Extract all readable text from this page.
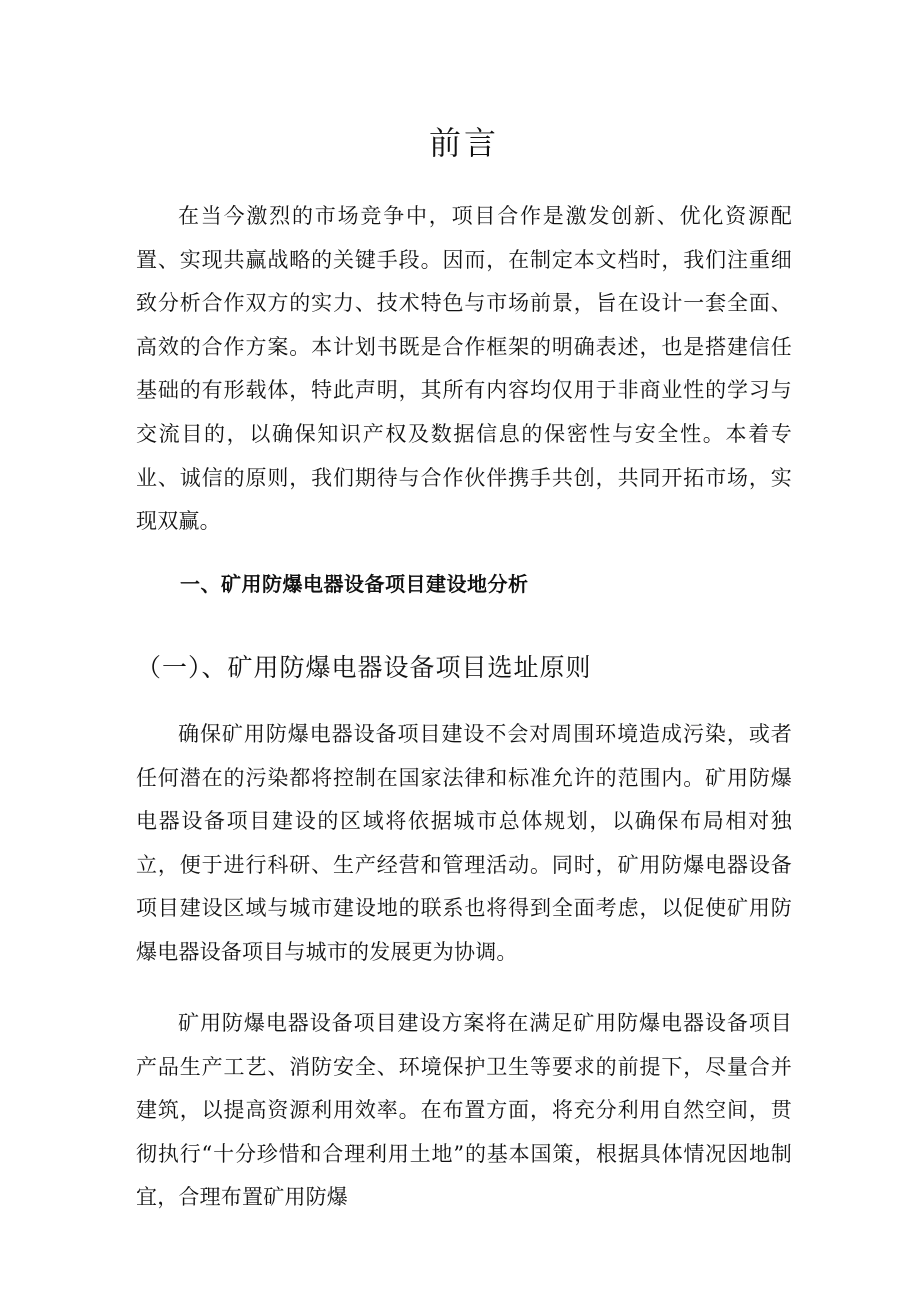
前言

在当今激烈的市场竞争中，项目合作是激发创新、优化资源配置、实现共赢战略的关键手段。因而，在制定本文档时，我们注重细致分析合作双方的实力、技术特色与市场前景，旨在设计一套全面、高效的合作方案。本计划书既是合作框架的明确表述，也是搭建信任基础的有形载体，特此声明，其所有内容均仅用于非商业性的学习与交流目的，以确保知识产权及数据信息的保密性与安全性。本着专业、诚信的原则，我们期待与合作伙伴携手共创，共同开拓市场，实现双赢。

一、矿用防爆电器设备项目建设地分析
（一）、矿用防爆电器设备项目选址原则

确保矿用防爆电器设备项目建设不会对周围环境造成污染，或者任何潜在的污染都将控制在国家法律和标准允许的范围内。矿用防爆电器设备项目建设的区域将依据城市总体规划，以确保布局相对独立，便于进行科研、生产经营和管理活动。同时，矿用防爆电器设备项目建设区域与城市建设地的联系也将得到全面考虑，以促使矿用防爆电器设备项目与城市的发展更为协调。

矿用防爆电器设备项目建设方案将在满足矿用防爆电器设备项目产品生产工艺、消防安全、环境保护卫生等要求的前提下，尽量合并建筑，以提高资源利用效率。在布置方面，将充分利用自然空间，贯彻执行“十分珍惜和合理利用土地”的基本国策，根据具体情况因地制宜，合理布置矿用防爆
